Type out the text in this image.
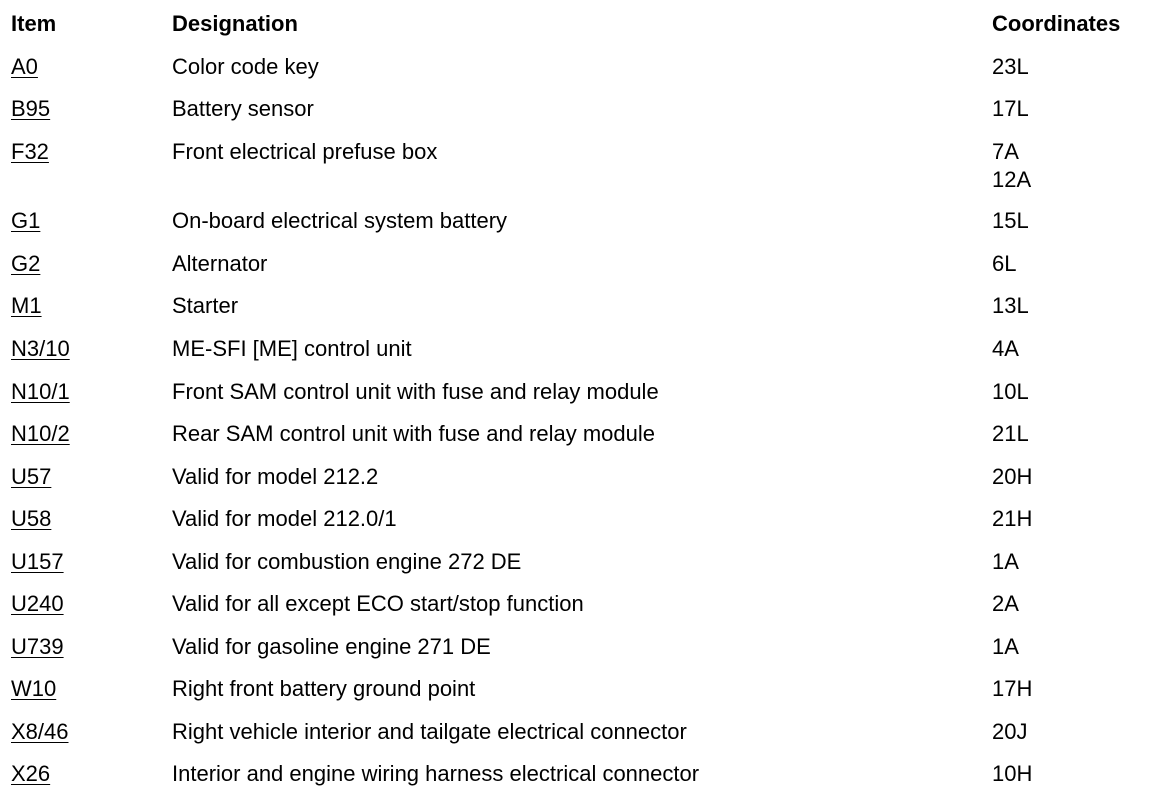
Item	Designation	Coordinates
A0	Color code key	23L
B95	Battery sensor	17L
F32	Front electrical prefuse box	7A
12A
G1	On-board electrical system battery	15L
G2	Alternator	6L
M1	Starter	13L
N3/10	ME-SFI [ME] control unit	4A
N10/1	Front SAM control unit with fuse and relay module	10L
N10/2	Rear SAM control unit with fuse and relay module	21L
U57	Valid for model 212.2	20H
U58	Valid for model 212.0/1	21H
U157	Valid for combustion engine 272 DE	1A
U240	Valid for all except ECO start/stop function	2A
U739	Valid for gasoline engine 271 DE	1A
W10	Right front battery ground point	17H
X8/46	Right vehicle interior and tailgate electrical connector	20J
X26	Interior and engine wiring harness electrical connector	10H
